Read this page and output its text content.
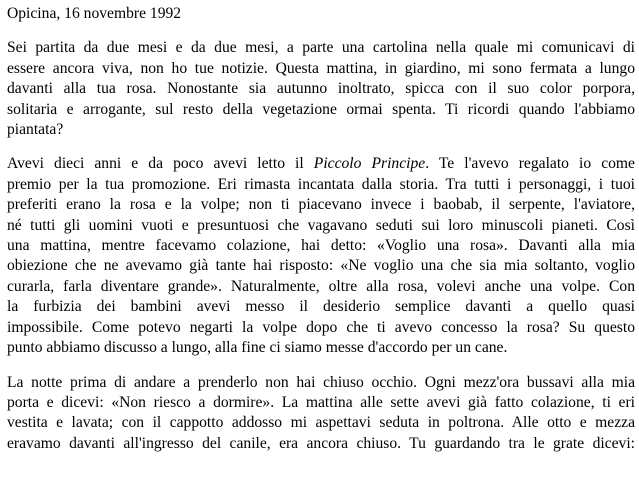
Opicina, 16 novembre 1992
Sei partita da due mesi e da due mesi, a parte una cartolina nella quale mi comunicavi di
essere ancora viva, non ho tue notizie. Questa mattina, in giardino, mi sono fermata a lungo
davanti alla tua rosa. Nonostante sia autunno inoltrato, spicca con il suo color porpora,
solitaria e arrogante, sul resto della vegetazione ormai spenta. Ti ricordi quando l'abbiamo
piantata?
Avevi dieci anni e da poco avevi letto il Piccolo Principe. Te l'avevo regalato io come
premio per la tua promozione. Eri rimasta incantata dalla storia. Tra tutti i personaggi, i tuoi
preferiti erano la rosa e la volpe; non ti piacevano invece i baobab, il serpente, l'aviatore,
né tutti gli uomini vuoti e presuntuosi che vagavano seduti sui loro minuscoli pianeti. Così
una mattina, mentre facevamo colazione, hai detto: «Voglio una rosa». Davanti alla mia
obiezione che ne avevamo già tante hai risposto: «Ne voglio una che sia mia soltanto, voglio
curarla, farla diventare grande». Naturalmente, oltre alla rosa, volevi anche una volpe. Con
la furbizia dei bambini avevi messo il desiderio semplice davanti a quello quasi
impossibile. Come potevo negarti la volpe dopo che ti avevo concesso la rosa? Su questo
punto abbiamo discusso a lungo, alla fine ci siamo messe d'accordo per un cane.
La notte prima di andare a prenderlo non hai chiuso occhio. Ogni mezz'ora bussavi alla mia
porta e dicevi: «Non riesco a dormire». La mattina alle sette avevi già fatto colazione, ti eri
vestita e lavata; con il cappotto addosso mi aspettavi seduta in poltrona. Alle otto e mezza
eravamo davanti all'ingresso del canile, era ancora chiuso. Tu guardando tra le grate dicevi:
